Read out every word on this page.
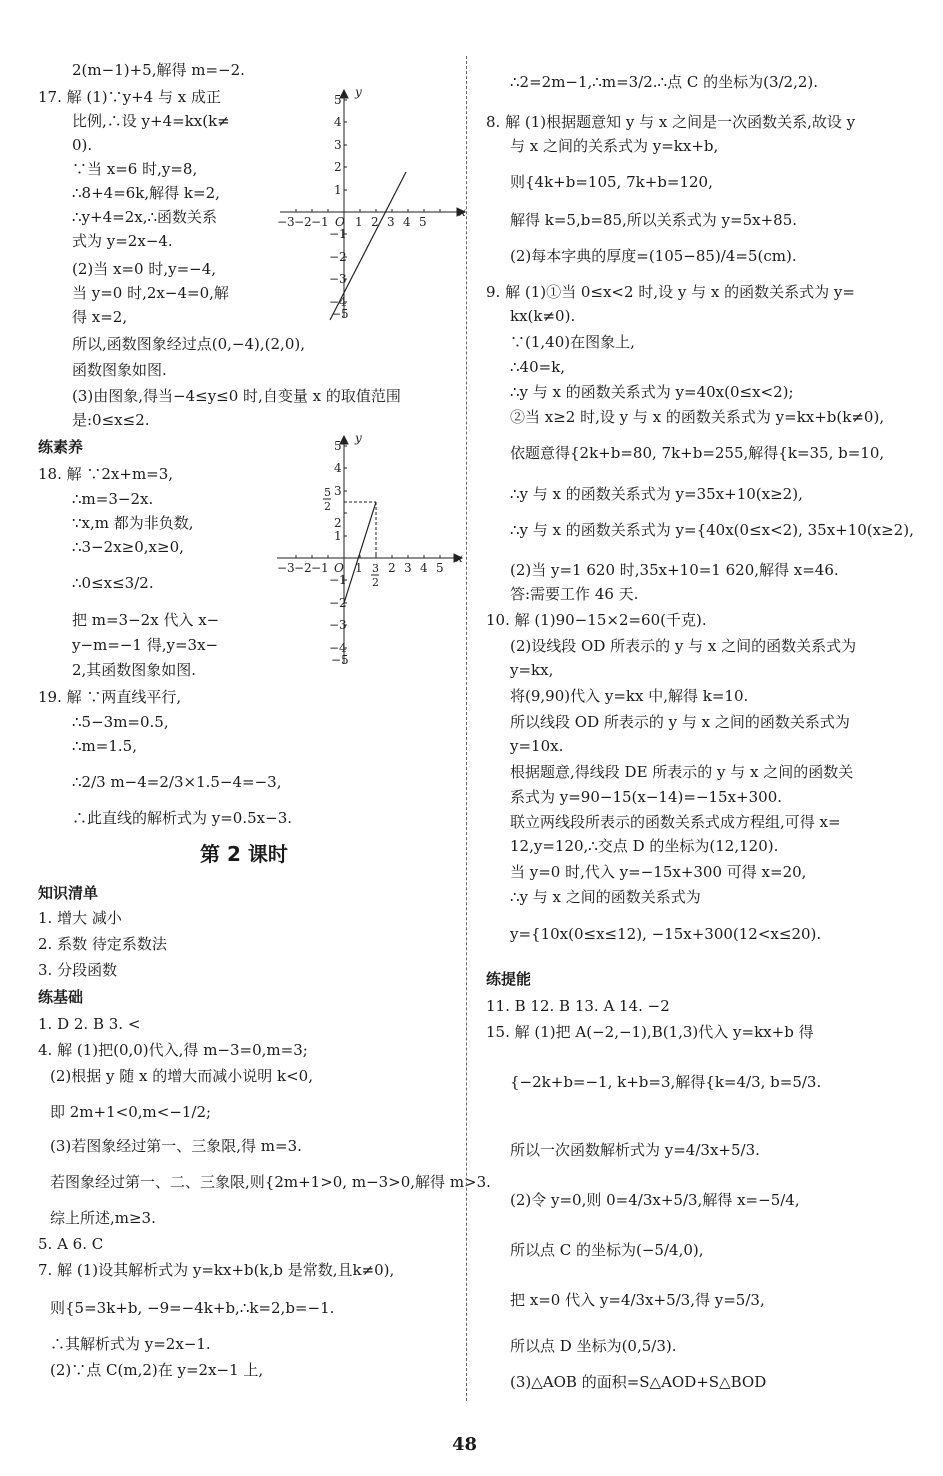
2(m−1)+5,解得 m=−2.
17. 解 (1)∵y+4 与 x 成正
比例,∴设 y+4=kx(k≠
0).
∵当 x=6 时,y=8,
∴8+4=6k,解得 k=2,
∴y+4=2x,∴函数关系
式为 y=2x−4.
(2)当 x=0 时,y=−4,
当 y=0 时,2x−4=0,解
得 x=2,
所以,函数图象经过点(0,−4),(2,0),
函数图象如图.
(3)由图象,得当−4≤y≤0 时,自变量 x 的取值范围
是:0≤x≤2.
18. 解 ∵2x+m=3,
∴m=3−2x.
∵x,m 都为非负数,
∴3−2x≥0,x≥0,
∴0≤x≤3/2.
把 m=3−2x 代入 x−
y−m=−1 得,y=3x−
2,其函数图象如图.
19. 解 ∵两直线平行,
∴5−3m=0.5,
∴m=1.5,
∴2/3 m−4=2/3×1.5−4=−3,
∴此直线的解析式为 y=0.5x−3.
1. 增大 减小
2. 系数 待定系数法
3. 分段函数
1. D 2. B 3. <
4. 解 (1)把(0,0)代入,得 m−3=0,m=3;
(2)根据 y 随 x 的增大而减小说明 k<0,
即 2m+1<0,m<−1/2;
(3)若图象经过第一、三象限,得 m=3.
若图象经过第一、二、三象限,则{2m+1>0, m−3>0,解得 m>3.
综上所述,m≥3.
5. A 6. C
7. 解 (1)设其解析式为 y=kx+b(k,b 是常数,且k≠0),
则{5=3k+b, −9=−4k+b,∴k=2,b=−1.
∴其解析式为 y=2x−1.
(2)∵点 C(m,2)在 y=2x−1 上,
练素养
知识清单
练基础
∴2=2m−1,∴m=3/2.∴点 C 的坐标为(3/2,2).
8. 解 (1)根据题意知 y 与 x 之间是一次函数关系,故设 y
与 x 之间的关系式为 y=kx+b,
则{4k+b=105, 7k+b=120,
解得 k=5,b=85,所以关系式为 y=5x+85.
(2)每本字典的厚度=(105−85)/4=5(cm).
9. 解 (1)①当 0≤x<2 时,设 y 与 x 的函数关系式为 y=
kx(k≠0).
∵(1,40)在图象上,
∴40=k,
∴y 与 x 的函数关系式为 y=40x(0≤x<2);
②当 x≥2 时,设 y 与 x 的函数关系式为 y=kx+b(k≠0),
依题意得{2k+b=80, 7k+b=255,解得{k=35, b=10,
∴y 与 x 的函数关系式为 y=35x+10(x≥2),
∴y 与 x 的函数关系式为 y={40x(0≤x<2), 35x+10(x≥2),
(2)当 y=1 620 时,35x+10=1 620,解得 x=46.
答:需要工作 46 天.
10. 解 (1)90−15×2=60(千克).
(2)设线段 OD 所表示的 y 与 x 之间的函数关系式为
y=kx,
将(9,90)代入 y=kx 中,解得 k=10.
所以线段 OD 所表示的 y 与 x 之间的函数关系式为
y=10x.
根据题意,得线段 DE 所表示的 y 与 x 之间的函数关
系式为 y=90−15(x−14)=−15x+300.
联立两线段所表示的函数关系式成方程组,可得 x=
12,y=120,∴交点 D 的坐标为(12,120).
当 y=0 时,代入 y=−15x+300 可得 x=20,
∴y 与 x 之间的函数关系式为
y={10x(0≤x≤12), −15x+300(12<x≤20).
11. B 12. B 13. A 14. −2
15. 解 (1)把 A(−2,−1),B(1,3)代入 y=kx+b 得
{−2k+b=−1, k+b=3,解得{k=4/3, b=5/3.
所以一次函数解析式为 y=4/3x+5/3.
(2)令 y=0,则 0=4/3x+5/3,解得 x=−5/4,
所以点 C 的坐标为(−5/4,0),
把 x=0 代入 y=4/3x+5/3,得 y=5/3,
所以点 D 坐标为(0,5/3).
(3)△AOB 的面积=S△AOD+S△BOD
练提能
第 2 课时
y
x
−3 −2 −1 O 1 2 3 4 5
5
4
3
2
1
−1
−2
−3
−4
−5
y
x
−3 −2 −1 O 1 2 3 4 5
5
4
3
2
1
−1
−2
−3
−4
−5
5
2
3
2
48
